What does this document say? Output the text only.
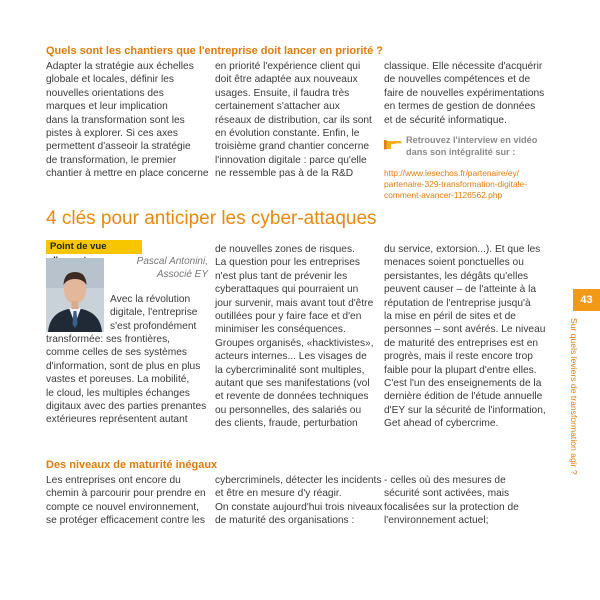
Quels sont les chantiers que l'entreprise doit lancer en priorité ?

Adapter la stratégie aux échelles

globale et locales, définir les

nouvelles orientations des

marques et leur implication

dans la transformation sont les

pistes à explorer. Si ces axes

permettent d'asseoir la stratégie

de transformation, le premier

chantier à mettre en place concerne

en priorité l'expérience client qui

doit être adaptée aux nouveaux

usages. Ensuite, il faudra très

certainement s'attacher aux

réseaux de distribution, car ils sont

en évolution constante. Enfin, le

troisième grand chantier concerne

l'innovation digitale : parce qu'elle

ne ressemble pas à de la R&D

classique. Elle nécessite d'acquérir

de nouvelles compétences et de

faire de nouvelles expérimentations

en termes de gestion de données

et de sécurité informatique.

Retrouvez l'interview en vidéo
dans son intégralité sur :

http://www.lesechos.fr/partenaire/ey/
partenaire-329-transformation-digitale-
comment-avancer-1126562.php

4 clés pour anticiper les cyber-attaques
Point de vue

Pascal Antonini,

Associé EY

Avec la révolution

digitale, l'entreprise

s'est profondément

transformée: ses frontières,

comme celles de ses systèmes

d'information, sont de plus en plus

vastes et poreuses. La mobilité,

le cloud, les multiples échanges

digitaux avec des parties prenantes

extérieures représentent autant

de nouvelles zones de risques.

La question pour les entreprises

n'est plus tant de prévenir les

cyberattaques qui pourraient un

jour survenir, mais avant tout d'être

outillées pour y faire face et d'en

minimiser les conséquences.

Groupes organisés, «hacktivistes»,

acteurs internes... Les visages de

la cybercriminalité sont multiples,

autant que ses manifestations (vol

et revente de données techniques

ou personnelles, des salariés ou

des clients, fraude, perturbation

du service, extorsion...). Et que les

menaces soient ponctuelles ou

persistantes, les dégâts qu'elles

peuvent causer – de l'atteinte à la

réputation de l'entreprise jusqu'à

la mise en péril de sites et de

personnes – sont avérés. Le niveau

de maturité des entreprises est en

progrès, mais il reste encore trop

faible pour la plupart d'entre elles.

C'est l'un des enseignements de la

dernière édition de l'étude annuelle

d'EY sur la sécurité de l'information,

Get ahead of cybercrime.

Des niveaux de maturité inégaux

Les entreprises ont encore du

chemin à parcourir pour prendre en

compte ce nouvel environnement,

se protéger efficacement contre les

cybercriminels, détecter les incidents

et être en mesure d'y réagir.

On constate aujourd'hui trois niveaux

de maturité des organisations :

- celles où des mesures de

sécurité sont activées, mais

focalisées sur la protection de

l'environnement actuel;

43
Sur quels leviers de transformation agir ?
